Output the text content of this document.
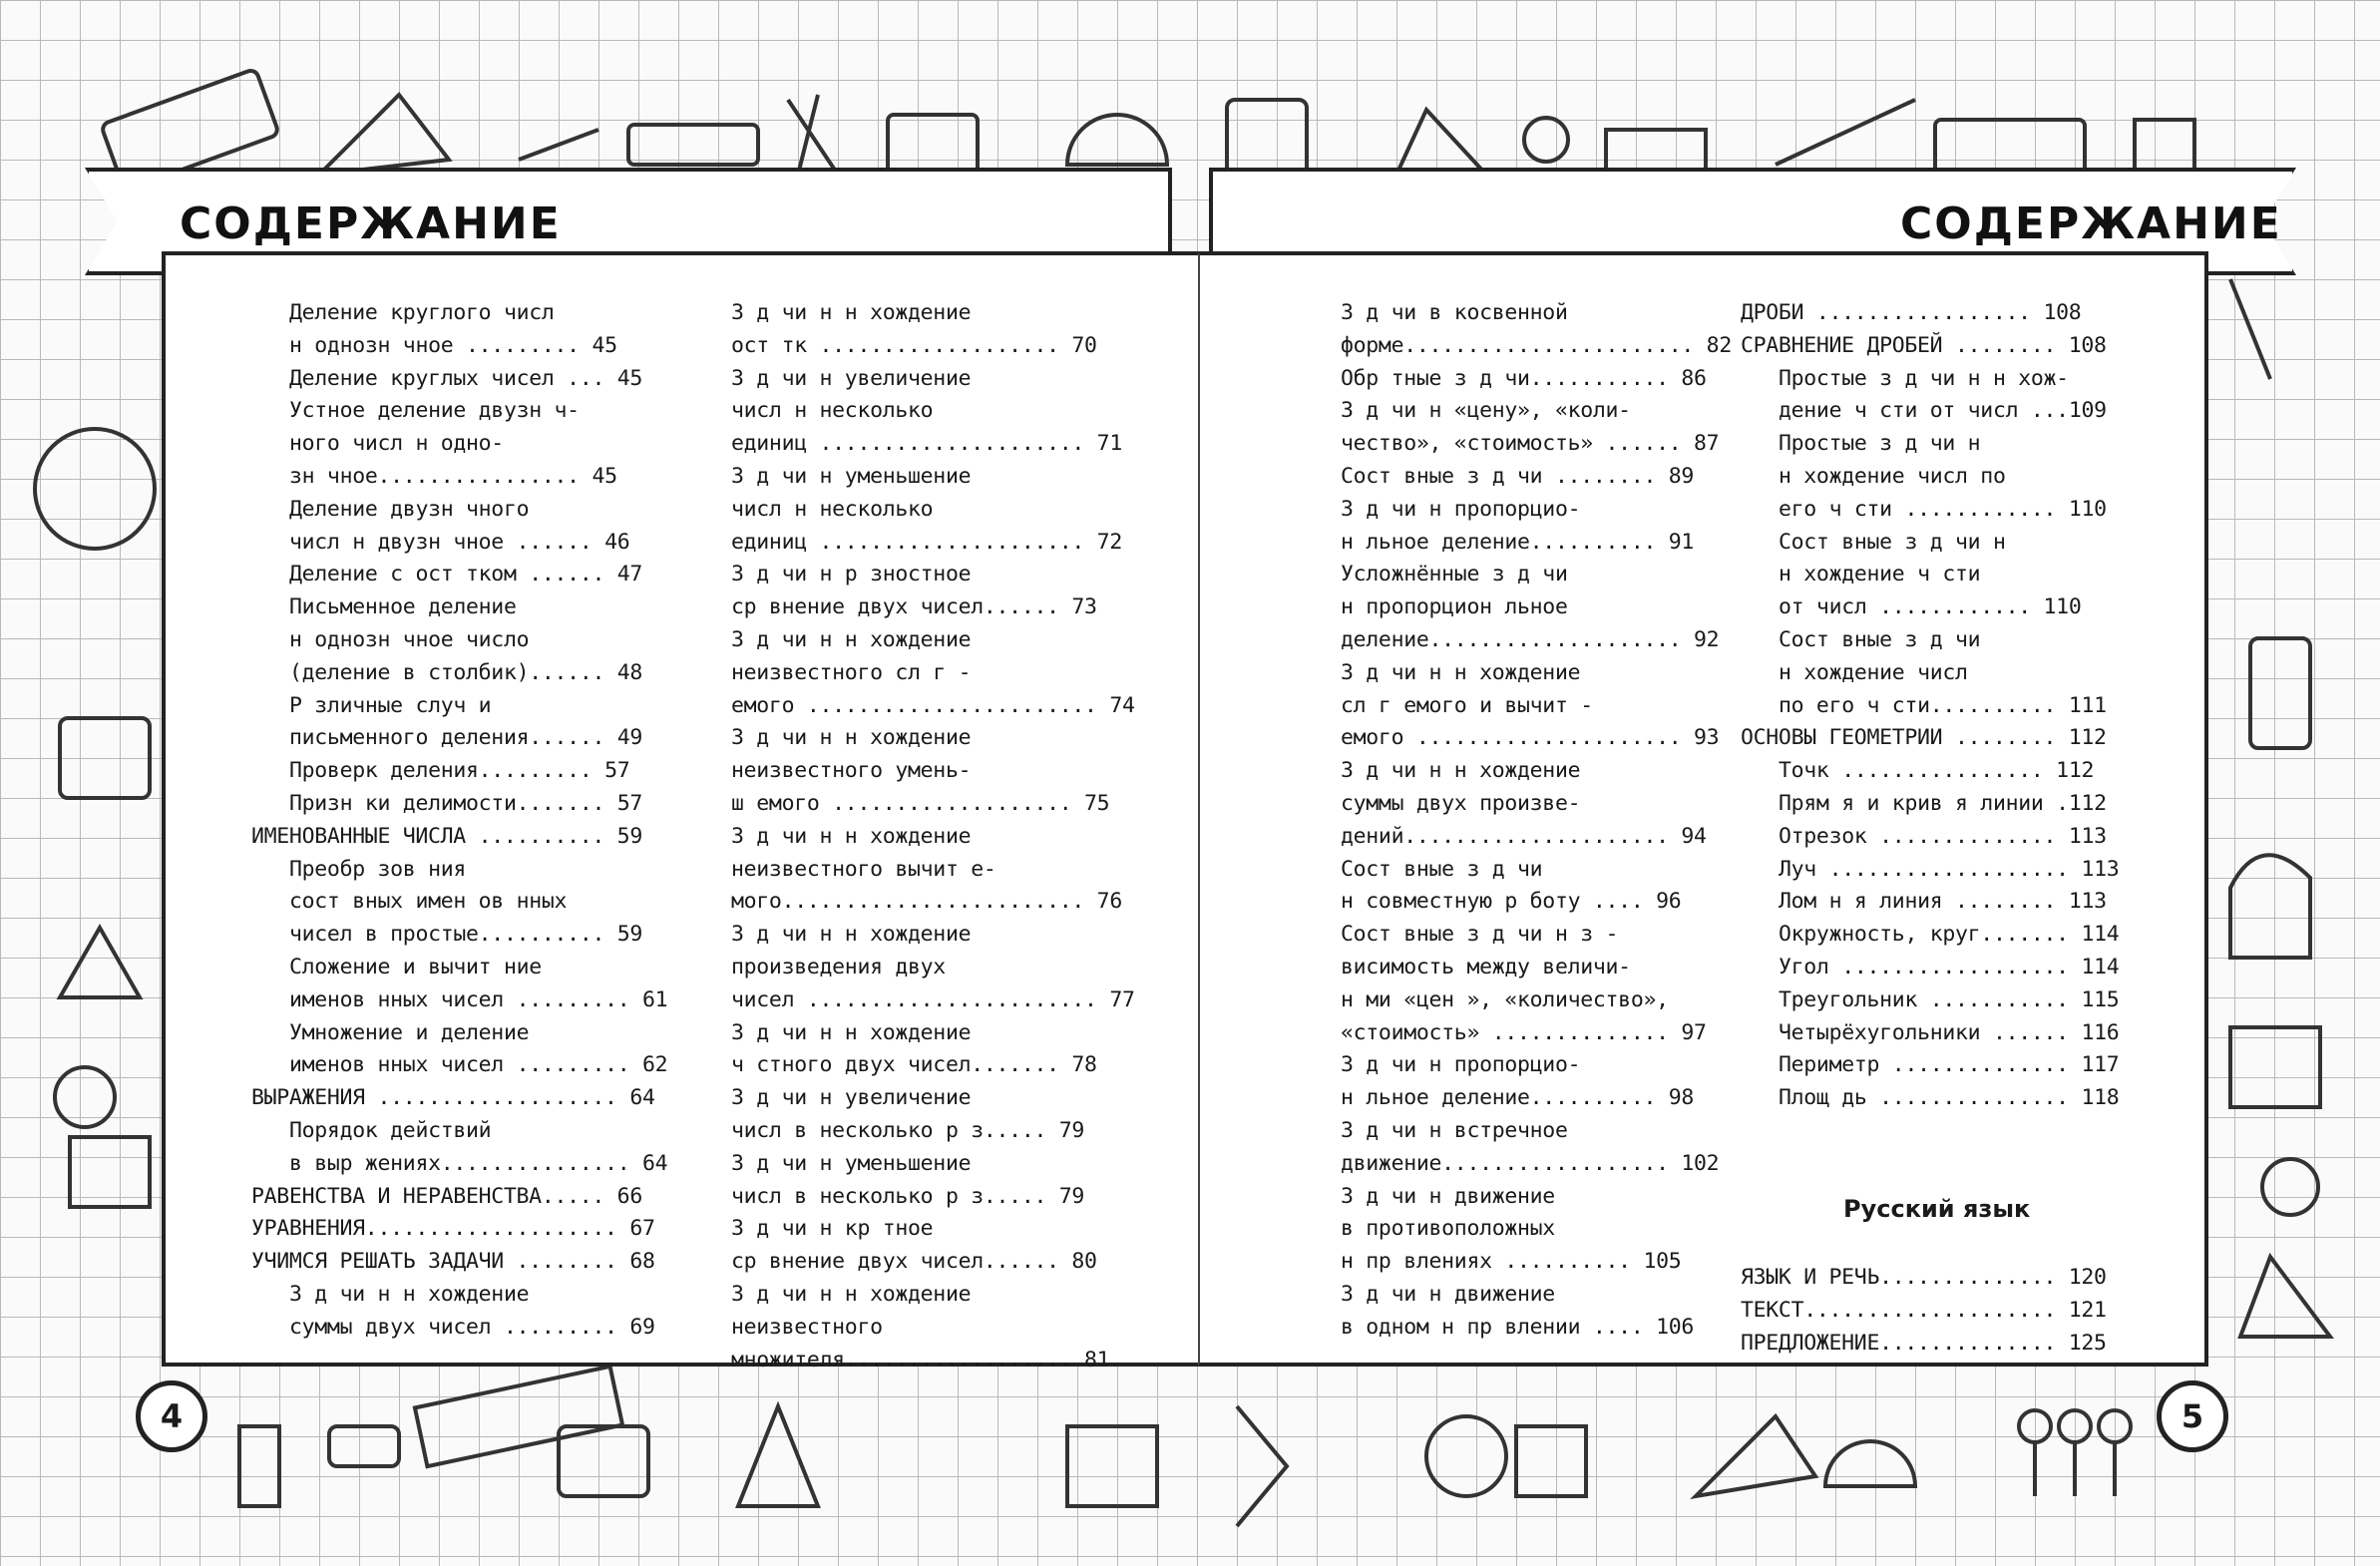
СОДЕРЖАНИЕ	СОДЕРЖАНИЕ
4	5
Деление круглого числ
н однозн чное ......... 45
Деление круглых чисел ... 45
Устное деление двузн ч-
ного числ н одно-
зн чное................ 45
Деление двузн чного
числ н двузн чное ...... 46
Деление с ост тком ...... 47
Письменное деление
н однозн чное число
(деление в столбик)...... 48
Р зличные случ и
письменного деления...... 49
Проверк деления......... 57
Призн ки делимости....... 57
ИМЕНОВАННЫЕ ЧИСЛА .......... 59
Преобр зов ния
сост вных имен ов нных
чисел в простые.......... 59
Сложение и вычит ние
именов нных чисел ......... 61
Умножение и деление
именов нных чисел ......... 62
ВЫРАЖЕНИЯ ................... 64
Порядок действий
в выр жениях............... 64
РАВЕНСТВА И НЕРАВЕНСТВА..... 66
УРАВНЕНИЯ.................... 67
УЧИМСЯ РЕШАТЬ ЗАДАЧИ ........ 68
З д чи н н хождение
суммы двух чисел ......... 69
З д чи н н хождение
ост тк ................... 70
З д чи н увеличение
числ н несколько
единиц ..................... 71
З д чи н уменьшение
числ н несколько
единиц ..................... 72
З д чи н р зностное
ср внение двух чисел...... 73
З д чи н н хождение
неизвестного сл г -
емого ....................... 74
З д чи н н хождение
неизвестного умень-
ш емого ................... 75
З д чи н н хождение
неизвестного вычит е-
мого........................ 76
З д чи н н хождение
произведения двух
чисел ....................... 77
З д чи н н хождение
ч стного двух чисел....... 78
З д чи н увеличение
числ в несколько р з..... 79
З д чи н уменьшение
числ в несколько р з..... 79
З д чи н кр тное
ср внение двух чисел...... 80
З д чи н н хождение
неизвестного
множителя.................. 81
З д чи в косвенной
форме....................... 82
Обр тные з д чи........... 86
З д чи н «цену», «коли-
чество», «стоимость» ...... 87
Сост вные з д чи ........ 89
З д чи н пропорцио-
н льное деление.......... 91
Усложнённые з д чи
н пропорцион льное
деление.................... 92
З д чи н н хождение
сл г емого и вычит -
емого ..................... 93
З д чи н н хождение
суммы двух произве-
дений..................... 94
Сост вные з д чи
н совместную р боту .... 96
Сост вные з д чи н з -
висимость между величи-
н ми «цен », «количество»,
«стоимость» .............. 97
З д чи н пропорцио-
н льное деление.......... 98
З д чи н встречное
движение.................. 102
З д чи н движение
в противоположных
н пр влениях .......... 105
З д чи н движение
в одном н пр влении .... 106
ДРОБИ ................. 108
СРАВНЕНИЕ ДРОБЕЙ ........ 108
Простые з д чи н н хож-
дение ч сти от числ ...109
Простые з д чи н
н хождение числ по
его ч сти ............ 110
Сост вные з д чи н
н хождение ч сти
от числ ............ 110
Сост вные з д чи
н хождение числ
по его ч сти.......... 111
ОСНОВЫ ГЕОМЕТРИИ ........ 112
Точк ................ 112
Прям я и крив я линии .112
Отрезок .............. 113
Луч ................... 113
Лом н я линия ........ 113
Окружность, круг....... 114
Угол .................. 114
Треугольник ........... 115
Четырёхугольники ...... 116
Периметр .............. 117
Площ дь ............... 118
Русский язык
ЯЗЫК И РЕЧЬ.............. 120
ТЕКСТ.................... 121
ПРЕДЛОЖЕНИЕ.............. 125
